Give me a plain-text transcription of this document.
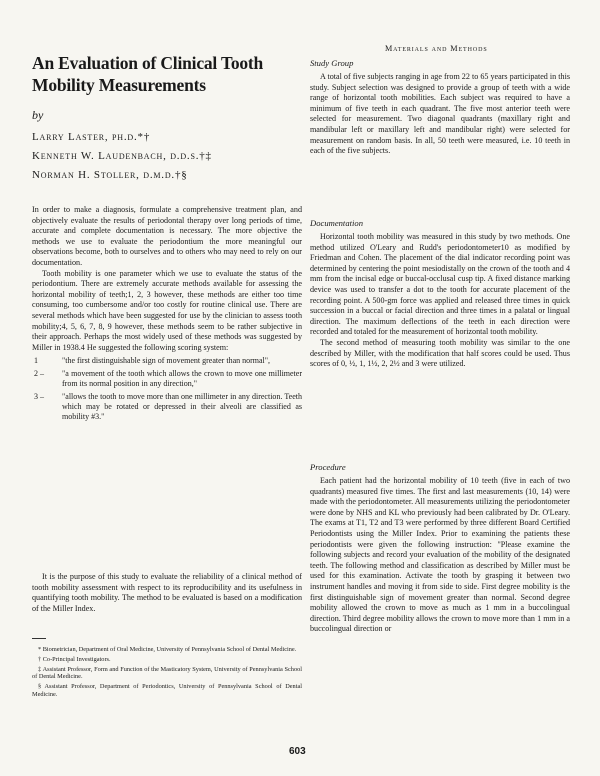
An Evaluation of Clinical Tooth Mobility Measurements
by
Larry Laster, ph.d.*†
Kenneth W. Laudenbach, d.d.s.†‡
Norman H. Stoller, d.m.d.†§

In order to make a diagnosis, formulate a comprehensive treatment plan, and objectively evaluate the results of periodontal therapy over long periods of time, accurate and complete documentation is necessary. The more objective the methods we use to evaluate the periodontium the more meaningful our observations become, both to ourselves and to others who may need to rely on our documentation.

Tooth mobility is one parameter which we use to evaluate the status of the periodontium. There are extremely accurate methods available for assessing the horizontal mobility of teeth;1, 2, 3 however, these methods are either too time consuming, too cumbersome and/or too costly for routine clinical use. There are several methods which have been suggested for use by the clinician to assess tooth mobility;4, 5, 6, 7, 8, 9 however, these methods seem to be rather subjective in their approach. Perhaps the most widely used of these methods was suggested by Miller in 1938.4 He suggested the following scoring system:

1	"the first distinguishable sign of movement greater than normal",
2 –	"a movement of the tooth which allows the crown to move one millimeter from its normal position in any direction,"
3 –	"allows the tooth to move more than one millimeter in any direction. Teeth which may be rotated or depressed in their alveoli are classified as mobility #3."

It is the purpose of this study to evaluate the reliability of a clinical method of tooth mobility assessment with respect to its reproducibility and its usefulness in quantifying tooth mobility. The method to be evaluated is based on a modification of the Miller Index.

* Biometrician, Department of Oral Medicine, University of Pennsylvania School of Dental Medicine.

† Co-Principal Investigators.

‡ Assistant Professor, Form and Function of the Masticatory System, University of Pennsylvania School of Dental Medicine.

§ Assistant Professor, Department of Periodontics, University of Pennsylvania School of Dental Medicine.

Materials and Methods
Study Group

A total of five subjects ranging in age from 22 to 65 years participated in this study. Subject selection was designed to provide a group of teeth with a wide range of horizontal tooth mobilities. Each subject was required to have a minimum of five teeth in each quadrant. The five most anterior teeth were selected for measurement. Two diagonal quadrants (maxillary right and mandibular left or maxillary left and mandibular right) were selected for measurement on random basis. In all, 50 teeth were measured, i.e. 10 teeth in each of the five subjects.

Documentation

Horizontal tooth mobility was measured in this study by two methods. One method utilized O'Leary and Rudd's periodontometer10 as modified by Friedman and Cohen. The placement of the dial indicator recording point was determined by centering the point mesiodistally on the crown of the tooth and 4 mm from the incisal edge or buccal-occlusal cusp tip. A fixed distance marking device was used to transfer a dot to the tooth for accurate placement of the recording point. A 500-gm force was applied and released three times in quick succession in a buccal or facial direction and three times in a palatal or lingual direction. The maximum deflections of the teeth in each direction were recorded and totaled for the measurement of horizontal tooth mobility.

The second method of measuring tooth mobility was similar to the one described by Miller, with the modification that half scores could be used. Thus scores of 0, ½, 1, 1½, 2, 2½ and 3 were utilized.

Procedure

Each patient had the horizontal mobility of 10 teeth (five in each of two quadrants) measured five times. The first and last measurements (10, 14) were made with the periodontometer. All measurements utilizing the periodontometer were done by NHS and KL who previously had been calibrated by Dr. O'Leary. The exams at T1, T2 and T3 were performed by three different Board Certified Periodontists using the Miller Index. Prior to examining the patients these periodontists were given the following instruction: "Please examine the following subjects and record your evaluation of the mobility of the designated teeth. The following method and classification as described by Miller must be used for this examination. Activate the tooth by grasping it between two instrument handles and moving it from side to side. First degree mobility is the first distinguishable sign of movement greater than normal. Second degree mobility allowed the crown to move as much as 1 mm in a buccolingual direction. Third degree mobility allows the crown to move more than 1 mm in a buccolingual direction or

603
